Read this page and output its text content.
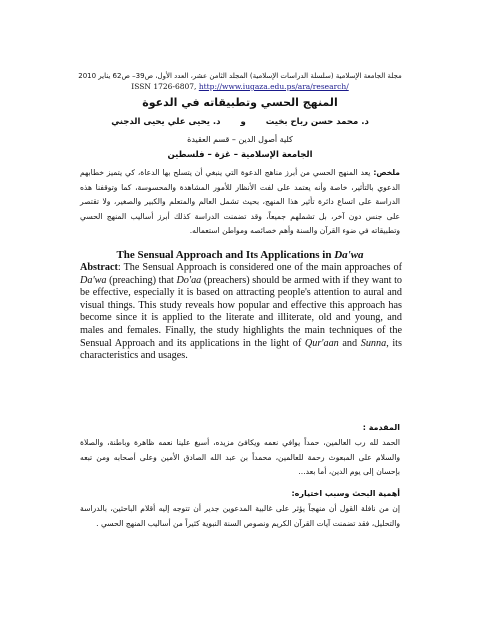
مجلة الجامعة الإسلامية (سلسلة الدراسات الإسلامية) المجلد الثامن عشر، العدد الأول، ص39– ص62 يناير 2010
ISSN 1726-6807, http://www.iugaza.edu.ps/ara/research/
المنهج الحسي وتطبيقاته في الدعوة
د. محمد حسن رباح بخيت
و
د. يحيى علي يحيى الدجني
كلية أصول الدين – قسم العقيدة
الجامعة الإسلامية – غزة – فلسطين
ملخص: يعد المنهج الحسي من أبرز مناهج الدعوة التي ينبغي أن يتسلح بها الدعاة، كي يتميز خطابهم الدعوي بالتأثير، خاصة وأنه يعتمد على لفت الأنظار للأمور المشاهدة والمحسوسة، كما وتوقفنا هذه الدراسة على اتساع دائرة تأثير هذا المنهج، بحيث تشمل العالم والمتعلم والكبير والصغير، ولا تقتصر على جنس دون آخر، بل تشملهم جميعاً، وقد تضمنت الدراسة كذلك أبرز أساليب المنهج الحسي وتطبيقاته في ضوء القرآن والسنة وأهم خصائصه ومواطن استعماله.
The Sensual Approach and Its Applications in Da'wa
Abstract: The Sensual Approach is considered one of the main approaches of Da'wa (preaching) that Do'aa (preachers) should be armed with if they want to be effective, especially it is based on attracting people's attention to aural and visual things. This study reveals how popular and effective this approach has become since it is applied to the literate and illiterate, old and young, and males and females. Finally, the study highlights the main techniques of the Sensual Approach and its applications in the light of Qur'aan and Sunna, its characteristics and usages.
المقدمة :
الحمد لله رب العالمين، حمداً يوافي نعمه ويكافئ مزيده، أسبغ علينا نعمه ظاهرة وباطنة، والصلاة والسلام على المبعوث رحمة للعالمين، محمداً بن عبد الله الصادق الأمين وعلى أصحابه ومن تبعه بإحسان إلى يوم الدين، أما بعد...
أهمية البحث وسبب اختياره:
إن من نافلة القول أن منهجاً يؤثر على غالبية المدعوين جدير أن تتوجه إليه أقلام الباحثين، بالدراسة والتحليل، فقد تضمنت آيات القرآن الكريم ونصوص السنة النبوية كثيراً من أساليب المنهج الحسي .
